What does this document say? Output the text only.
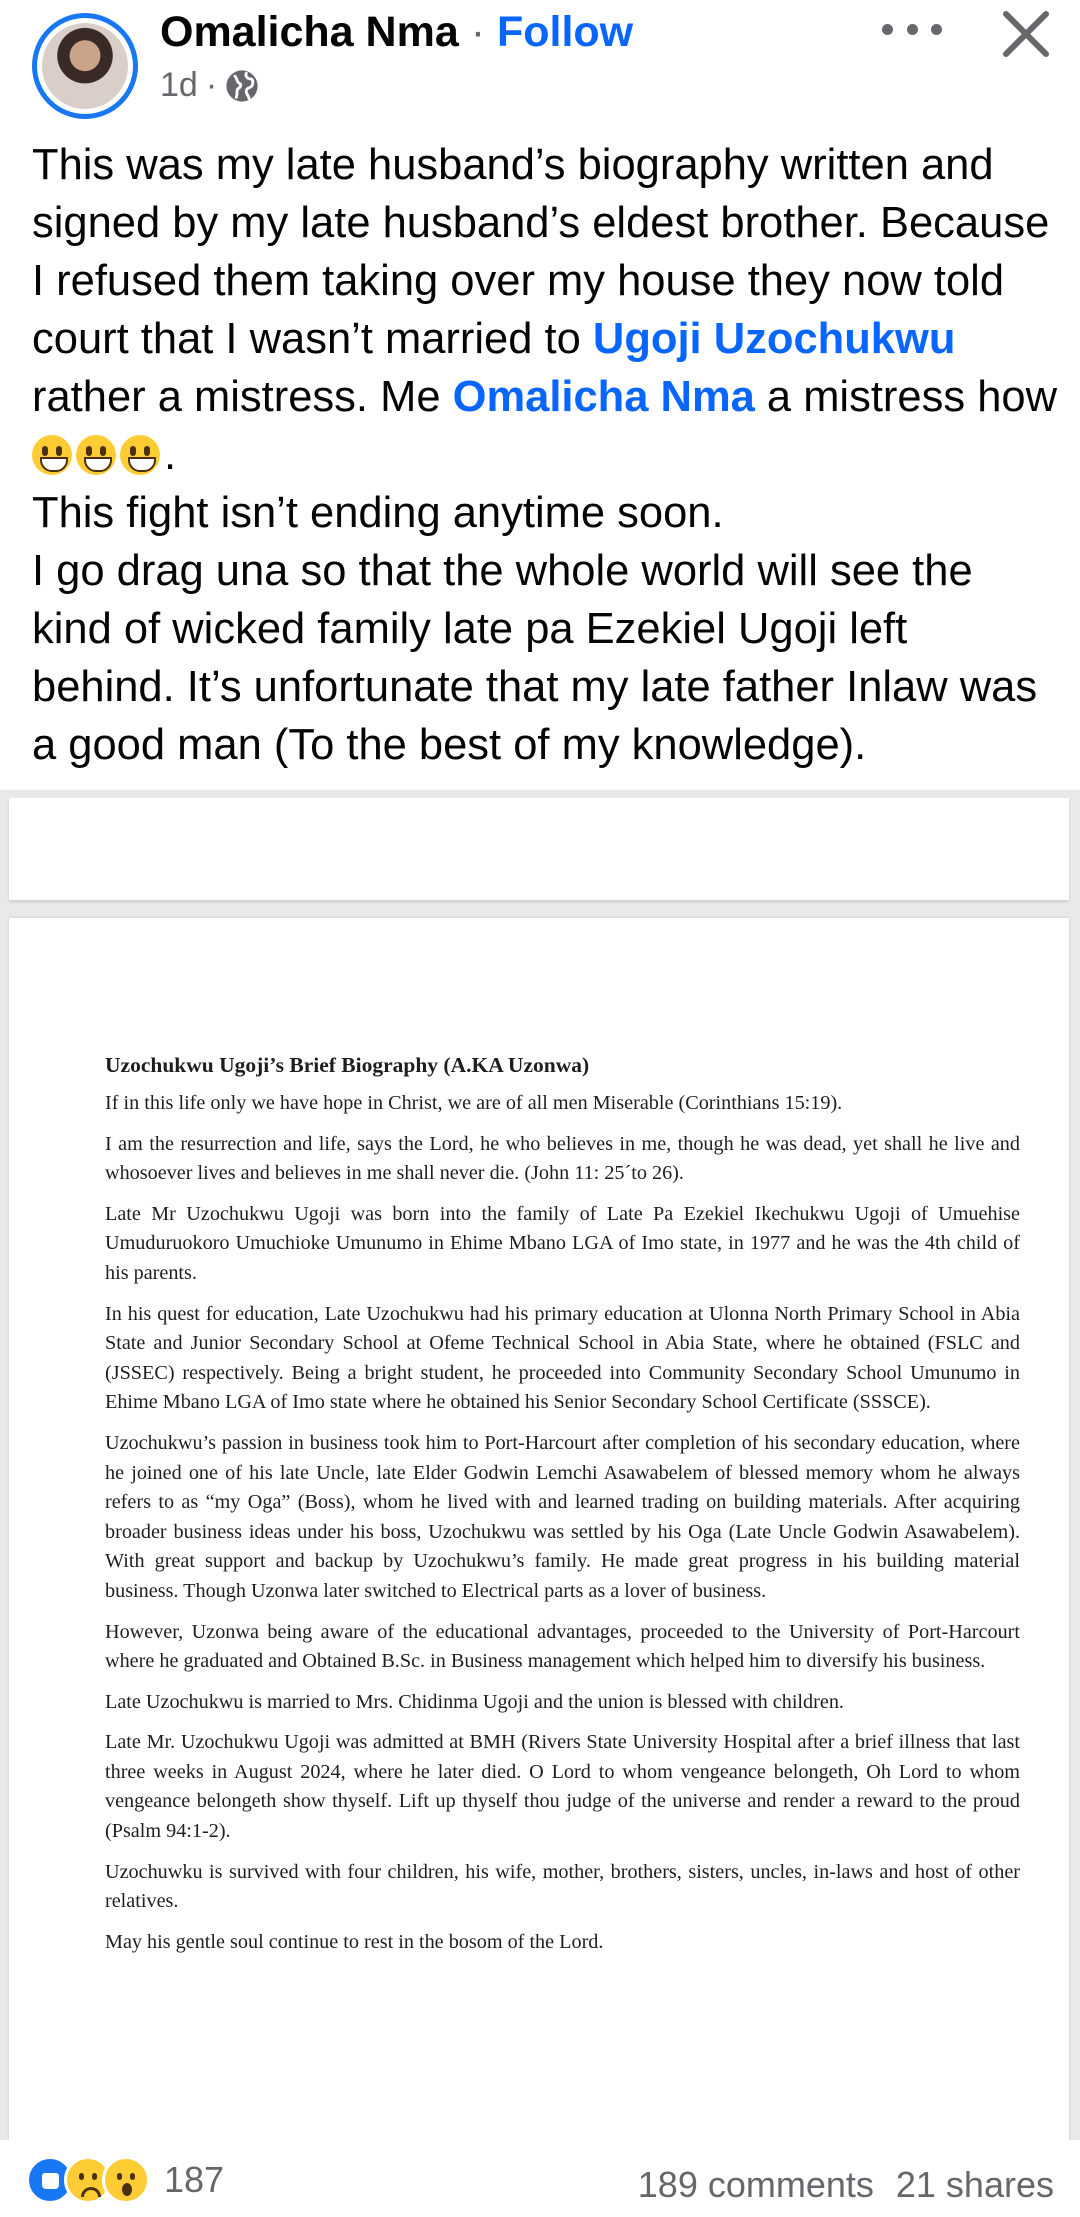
Omalicha Nma · Follow
1d ·

This was my late husband’s biography written and signed by my late husband’s eldest brother. Because I refused them taking over my house they now told court that I wasn’t married to Ugoji Uzochukwu rather a mistress. Me Omalicha Nma a mistress how.

This fight isn’t ending anytime soon.

I go drag una so that the whole world will see the kind of wicked family late pa Ezekiel Ugoji left behind. It’s unfortunate that my late father Inlaw was a good man (To the best of my knowledge).

Uzochukwu Ugoji’s Brief Biography (A.KA Uzonwa)

If in this life only we have hope in Christ, we are of all men Miserable (Corinthians 15:19).

I am the resurrection and life, says the Lord, he who believes in me, though he was dead, yet shall he live and whosoever lives and believes in me shall never die. (John 11: 25´to 26).

Late Mr Uzochukwu Ugoji was born into the family of Late Pa Ezekiel Ikechukwu Ugoji of Umuehise Umuduruokoro Umuchioke Umunumo in Ehime Mbano LGA of Imo state, in 1977 and he was the 4th child of his parents.

In his quest for education, Late Uzochukwu had his primary education at Ulonna North Primary School in Abia State and Junior Secondary School at Ofeme Technical School in Abia State, where he obtained (FSLC and (JSSEC) respectively. Being a bright student, he proceeded into Community Secondary School Umunumo in Ehime Mbano LGA of Imo state where he obtained his Senior Secondary School Certificate (SSSCE).

Uzochukwu’s passion in business took him to Port-Harcourt after completion of his secondary education, where he joined one of his late Uncle, late Elder Godwin Lemchi Asawabelem of blessed memory whom he always refers to as “my Oga” (Boss), whom he lived with and learned trading on building materials. After acquiring broader business ideas under his boss, Uzochukwu was settled by his Oga (Late Uncle Godwin Asawabelem). With great support and backup by Uzochukwu’s family. He made great progress in his building material business. Though Uzonwa later switched to Electrical parts as a lover of business.

However, Uzonwa being aware of the educational advantages, proceeded to the University of Port-Harcourt where he graduated and Obtained B.Sc. in Business management which helped him to diversify his business.

Late Uzochukwu is married to Mrs. Chidinma Ugoji and the union is blessed with children.

Late Mr. Uzochukwu Ugoji was admitted at BMH (Rivers State University Hospital after a brief illness that last three weeks in August 2024, where he later died. O Lord to whom vengeance belongeth, Oh Lord to whom vengeance belongeth show thyself. Lift up thyself thou judge of the universe and render a reward to the proud (Psalm 94:1-2).

Uzochuwku is survived with four children, his wife, mother, brothers, sisters, uncles, in-laws and host of other relatives.

May his gentle soul continue to rest in the bosom of the Lord.

187	189 comments 21 shares
